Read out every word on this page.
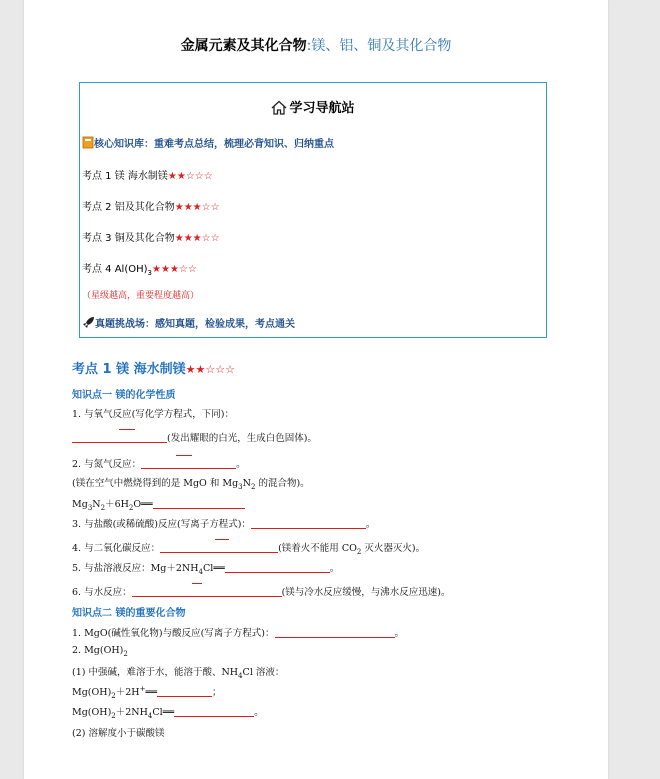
金属元素及其化合物:镁、铝、铜及其化合物
学习导航站
核心知识库：重难考点总结，梳理必背知识、归纳重点
考点 1 镁 海水制镁★★☆☆☆
考点 2 铝及其化合物★★★☆☆
考点 3 铜及其化合物★★★☆☆
考点 4 $Al(OH)_3★★★☆☆$
（星级越高，重要程度越高）
真题挑战场：感知真题，检验成果，考点通关
考点 1 镁 海水制镁★★☆☆☆
知识点一 镁的化学性质
1. 与氧气反应(写化学方程式，下同)：
(发出耀眼的白光，生成白色固体)。
2. 与氮气反应：	。
(镁在空气中燃烧得到的是 MgO 和 $Mg_3N_2$ 的混合物)。
$Mg_3N_2+6H_2O══$
3. 与盐酸(或稀硫酸)反应(写离子方程式)：	。
4. 与二氧化碳反应：	(镁着火不能用 $CO_2$ 灭火器灭火)。
5. 与盐溶液反应：$Mg+2NH_4Cl══$	。
6. 与水反应：	(镁与冷水反应缓慢，与沸水反应迅速)。
知识点二 镁的重要化合物
1. MgO(碱性氧化物)与酸反应(写离子方程式)：	。
2. $Mg(OH)_2$
(1) 中强碱，难溶于水，能溶于酸、$NH_4Cl$ 溶液：
$Mg(OH)_2+2H^+══$	；
$Mg(OH)_2+2NH_4Cl══$	。
(2) 溶解度小于碳酸镁
